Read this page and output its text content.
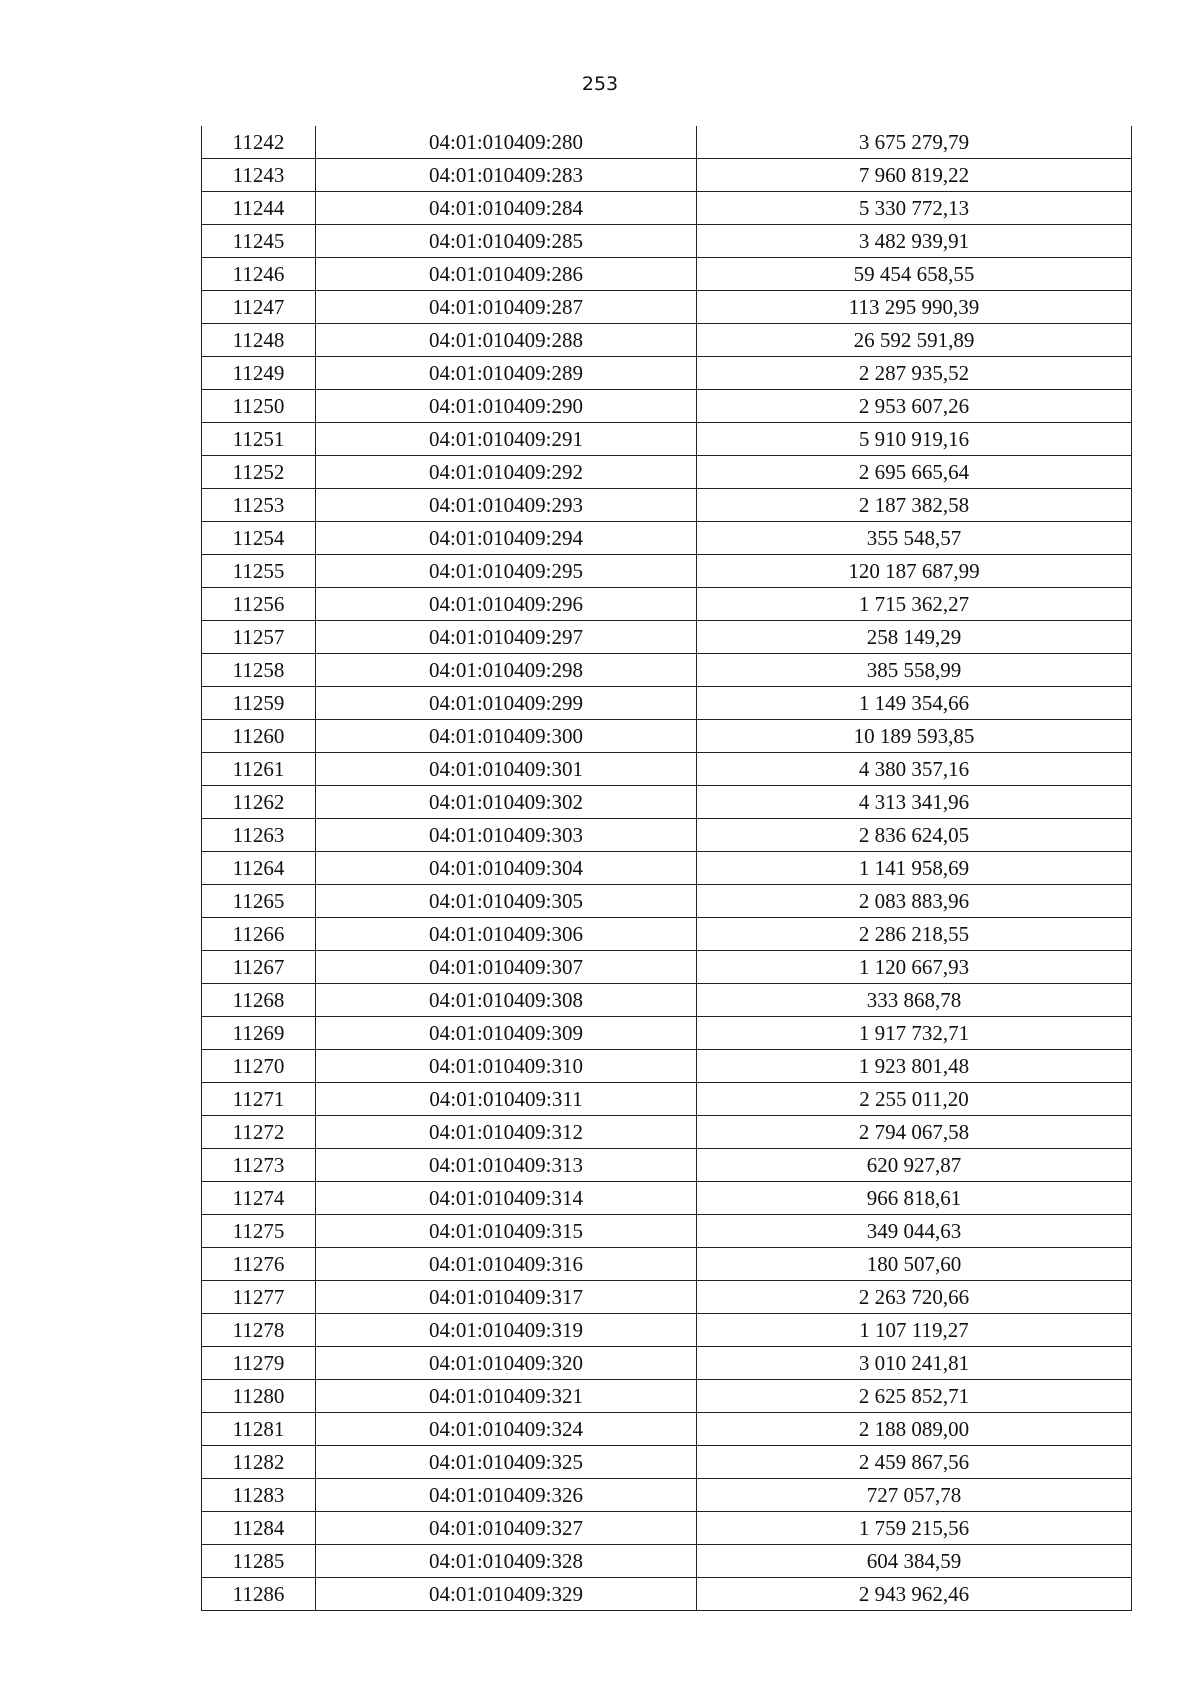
253
11242	04:01:010409:280	3 675 279,79
11243	04:01:010409:283	7 960 819,22
11244	04:01:010409:284	5 330 772,13
11245	04:01:010409:285	3 482 939,91
11246	04:01:010409:286	59 454 658,55
11247	04:01:010409:287	113 295 990,39
11248	04:01:010409:288	26 592 591,89
11249	04:01:010409:289	2 287 935,52
11250	04:01:010409:290	2 953 607,26
11251	04:01:010409:291	5 910 919,16
11252	04:01:010409:292	2 695 665,64
11253	04:01:010409:293	2 187 382,58
11254	04:01:010409:294	355 548,57
11255	04:01:010409:295	120 187 687,99
11256	04:01:010409:296	1 715 362,27
11257	04:01:010409:297	258 149,29
11258	04:01:010409:298	385 558,99
11259	04:01:010409:299	1 149 354,66
11260	04:01:010409:300	10 189 593,85
11261	04:01:010409:301	4 380 357,16
11262	04:01:010409:302	4 313 341,96
11263	04:01:010409:303	2 836 624,05
11264	04:01:010409:304	1 141 958,69
11265	04:01:010409:305	2 083 883,96
11266	04:01:010409:306	2 286 218,55
11267	04:01:010409:307	1 120 667,93
11268	04:01:010409:308	333 868,78
11269	04:01:010409:309	1 917 732,71
11270	04:01:010409:310	1 923 801,48
11271	04:01:010409:311	2 255 011,20
11272	04:01:010409:312	2 794 067,58
11273	04:01:010409:313	620 927,87
11274	04:01:010409:314	966 818,61
11275	04:01:010409:315	349 044,63
11276	04:01:010409:316	180 507,60
11277	04:01:010409:317	2 263 720,66
11278	04:01:010409:319	1 107 119,27
11279	04:01:010409:320	3 010 241,81
11280	04:01:010409:321	2 625 852,71
11281	04:01:010409:324	2 188 089,00
11282	04:01:010409:325	2 459 867,56
11283	04:01:010409:326	727 057,78
11284	04:01:010409:327	1 759 215,56
11285	04:01:010409:328	604 384,59
11286	04:01:010409:329	2 943 962,46
